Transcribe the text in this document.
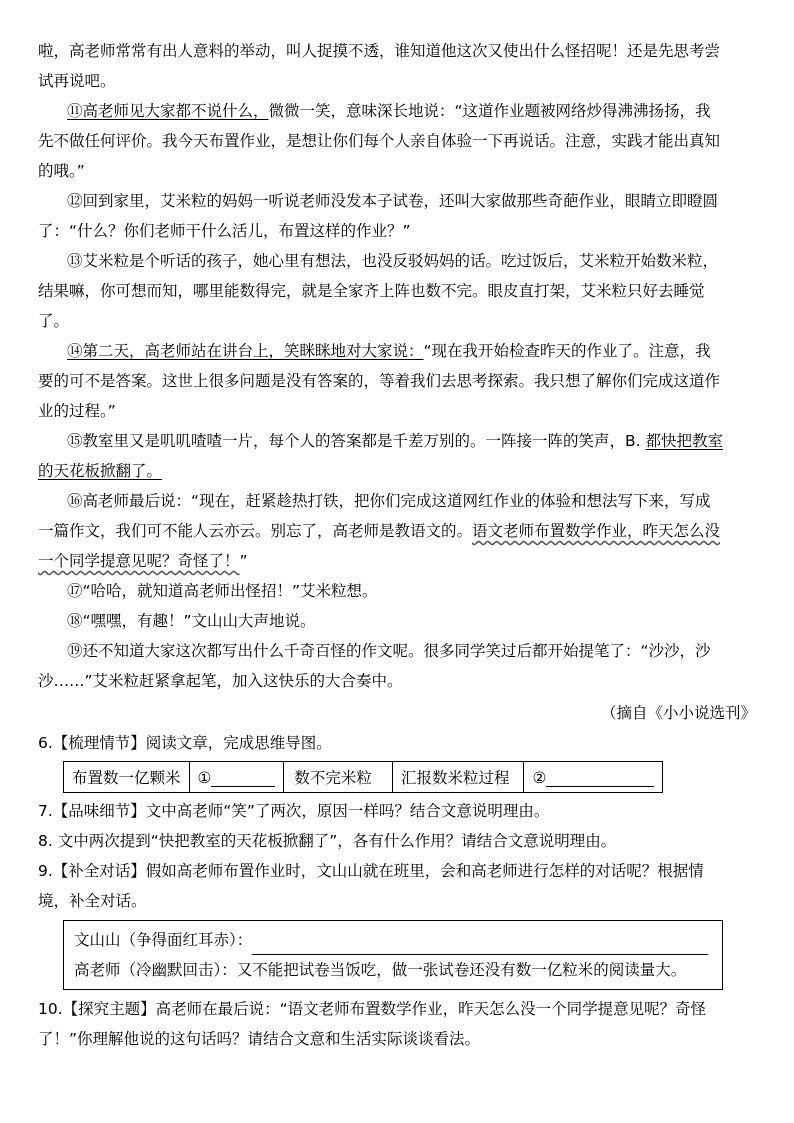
啦，高老师常常有出人意料的举动，叫人捉摸不透，谁知道他这次又使出什么怪招呢！还是先思考尝
试再说吧。
⑪高老师见大家都不说什么，微微一笑，意味深长地说：“这道作业题被网络炒得沸沸扬扬，我
先不做任何评价。我今天布置作业，是想让你们每个人亲自体验一下再说话。注意，实践才能出真知
的哦。”
⑫回到家里，艾米粒的妈妈一听说老师没发本子试卷，还叫大家做那些奇葩作业，眼睛立即瞪圆
了：“什么？你们老师干什么活儿，布置这样的作业？”
⑬艾米粒是个听话的孩子，她心里有想法，也没反驳妈妈的话。吃过饭后，艾米粒开始数米粒，
结果嘛，你可想而知，哪里能数得完，就是全家齐上阵也数不完。眼皮直打架，艾米粒只好去睡觉
了。
⑭第二天，高老师站在讲台上，笑眯眯地对大家说：“现在我开始检查昨天的作业了。注意，我
要的可不是答案。这世上很多问题是没有答案的，等着我们去思考探索。我只想了解你们完成这道作
业的过程。”
⑮教室里又是叽叽喳喳一片，每个人的答案都是千差万别的。一阵接一阵的笑声，B. 都快把教室
的天花板掀翻了。
⑯高老师最后说：“现在，赶紧趁热打铁，把你们完成这道网红作业的体验和想法写下来，写成
一篇作文，我们可不能人云亦云。别忘了，高老师是教语文的。语文老师布置数学作业，昨天怎么没
一个同学提意见呢？奇怪了！”
⑰“哈哈，就知道高老师出怪招！”艾米粒想。
⑱“嘿嘿，有趣！”文山山大声地说。
⑲还不知道大家这次都写出什么千奇百怪的作文呢。很多同学笑过后都开始提笔了：“沙沙，沙
沙……”艾米粒赶紧拿起笔，加入这快乐的大合奏中。
（摘自《小小说选刊》
6.【梳理情节】阅读文章，完成思维导图。
布置数一亿颗米	①	数不完米粒	汇报数米粒过程	②
7.【品味细节】文中高老师“笑”了两次，原因一样吗？结合文意说明理由。
8. 文中两次提到“快把教室的天花板掀翻了”，各有什么作用？请结合文意说明理由。
9.【补全对话】假如高老师布置作业时，文山山就在班里，会和高老师进行怎样的对话呢？根据情
境，补全对话。
文山山（争得面红耳赤）：
高老师（冷幽默回击）：又不能把试卷当饭吃，做一张试卷还没有数一亿粒米的阅读量大。
10.【探究主题】高老师在最后说：“语文老师布置数学作业，昨天怎么没一个同学提意见呢？奇怪
了！”你理解他说的这句话吗？请结合文意和生活实际谈谈看法。
